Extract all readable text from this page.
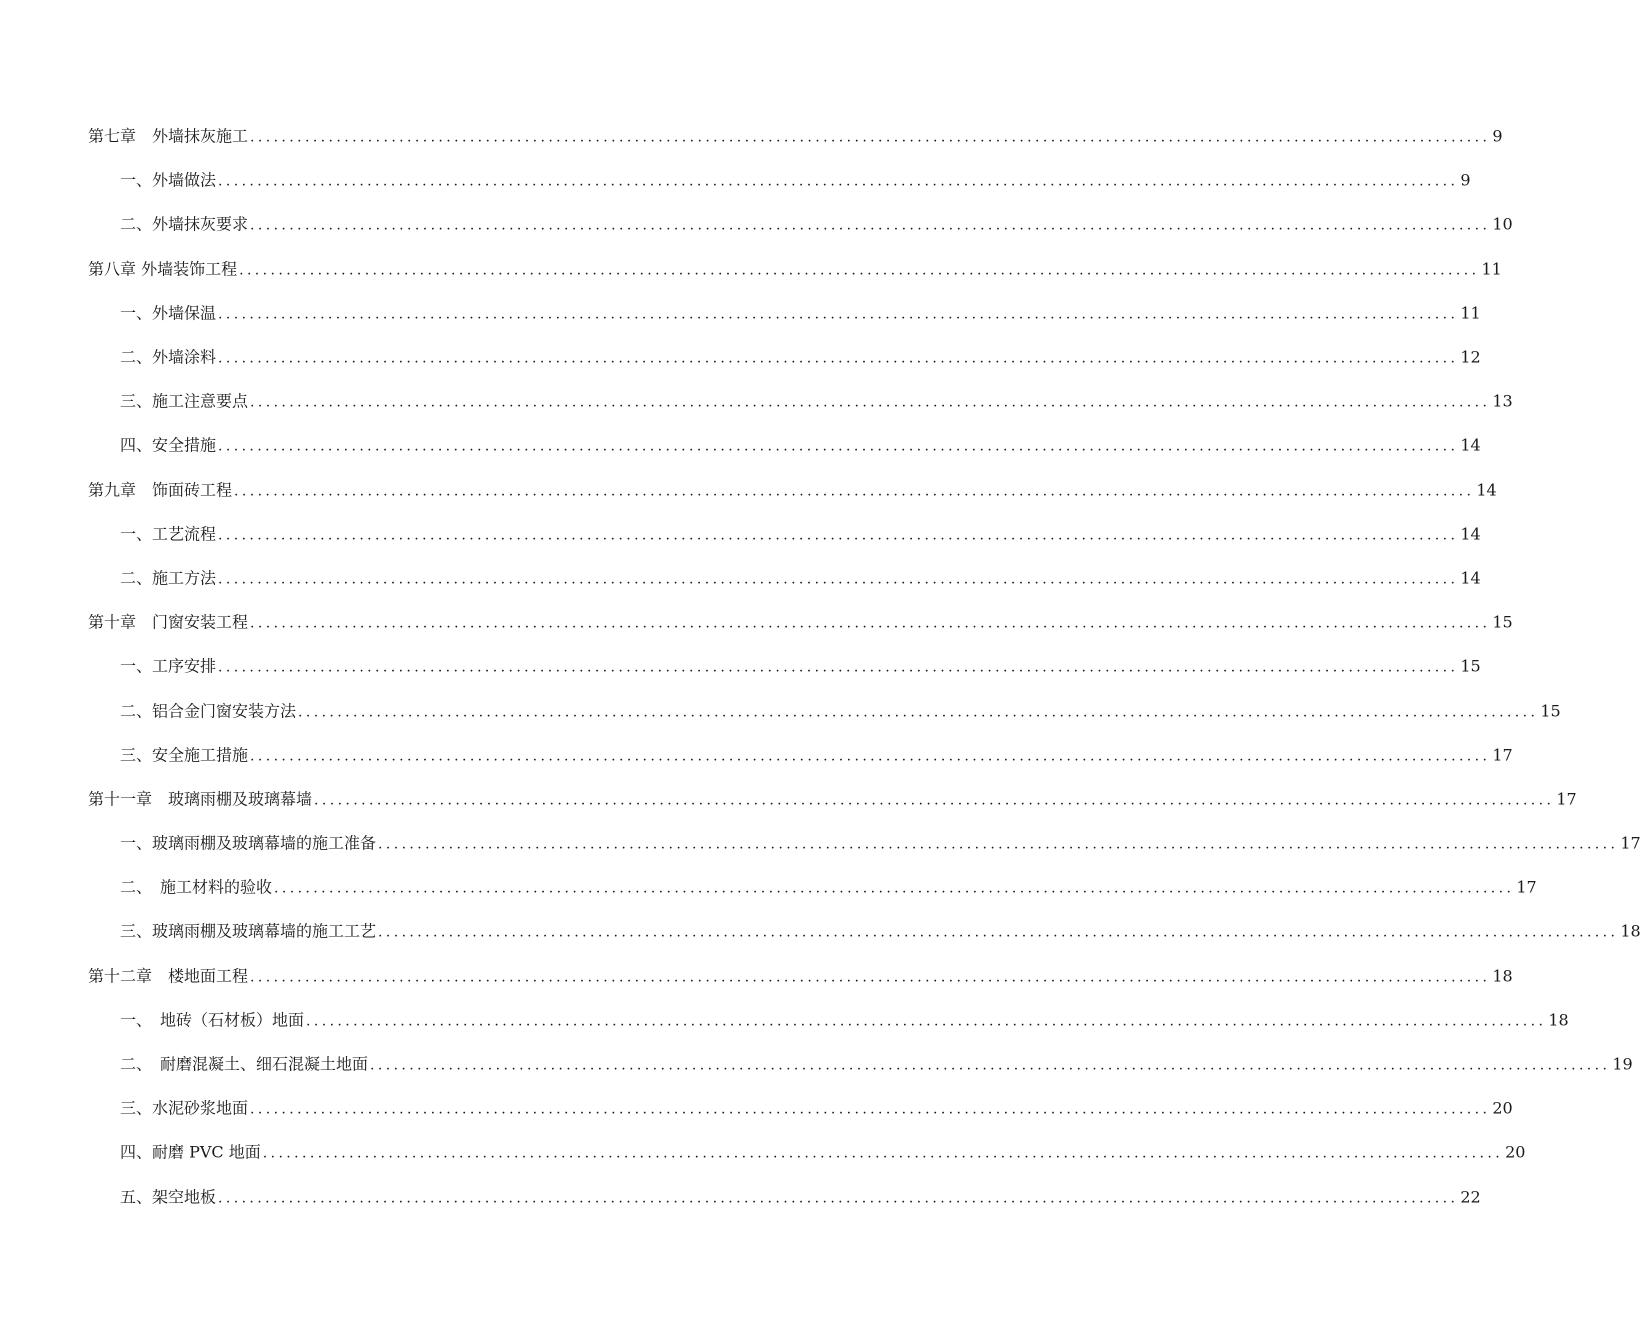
第七章　外墙抹灰施工 .............................................................................................................................................................. 9
一、外墙做法 .............................................................................................................................................................. 9
二、外墙抹灰要求 .............................................................................................................................................................. 10
第八章 外墙装饰工程 .............................................................................................................................................................. 11
一、外墙保温 .............................................................................................................................................................. 11
二、外墙涂料 .............................................................................................................................................................. 12
三、施工注意要点 .............................................................................................................................................................. 13
四、安全措施 .............................................................................................................................................................. 14
第九章　饰面砖工程 .............................................................................................................................................................. 14
一、工艺流程 .............................................................................................................................................................. 14
二、施工方法 .............................................................................................................................................................. 14
第十章　门窗安装工程 .............................................................................................................................................................. 15
一、工序安排 .............................................................................................................................................................. 15
二、铝合金门窗安装方法 .............................................................................................................................................................. 15
三、安全施工措施 .............................................................................................................................................................. 17
第十一章　玻璃雨棚及玻璃幕墙 .............................................................................................................................................................. 17
一、玻璃雨棚及玻璃幕墙的施工准备 .............................................................................................................................................................. 17
二、　施工材料的验收 .............................................................................................................................................................. 17
三、玻璃雨棚及玻璃幕墙的施工工艺 .............................................................................................................................................................. 18
第十二章　楼地面工程 .............................................................................................................................................................. 18
一、　地砖（石材板）地面 .............................................................................................................................................................. 18
二、　耐磨混凝土、细石混凝土地面 .............................................................................................................................................................. 19
三、水泥砂浆地面 .............................................................................................................................................................. 20
四、耐磨 PVC 地面 .............................................................................................................................................................. 20
五、架空地板 .............................................................................................................................................................. 22
